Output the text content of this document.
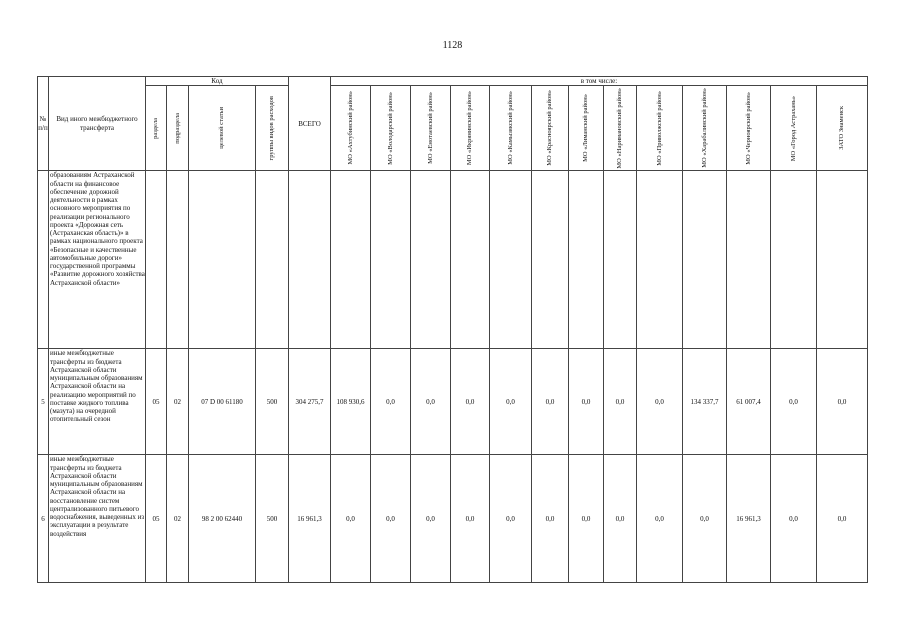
1128
№ п/п	Вид иного межбюджетного трансферта	Код				ВСЕГО	в том числе:												

		раздела	подраздела	целевой статьи	группы видов расходов		МО «Ахтубинский район»	МО «Володарский район»	МО «Енотаевский район»	МО «Икрянинский район»	МО «Камызякский район»	МО «Красноярский район»	МО «Лиманский район»	МО «Наримановский район»	МО «Приволжский район»	МО «Харабалинский район»	МО «Черноярский район»	МО «Город Астрахань»	ЗАТО Знаменск

	образованиям Астраханской области на финансовое обеспечение дорожной деятельности в рамках основного мероприятия по реализации регионального проекта «Дорожная сеть (Астраханская область)» в рамках национального проекта «Безопасные и качественные автомобильные дороги» государственной программы «Развитие дорожного хозяйства Астраханской области»																		
5	иные межбюджетные трансферты из бюджета Астраханской области муниципальным образованиям Астраханской области на реализацию мероприятий по поставке жидкого топлива (мазута) на очередной отопительный сезон	05	02	07 D 00 61180	500	304 275,7	108 930,6	0,0	0,0	0,0	0,0	0,0	0,0	0,0	0,0	134 337,7	61 007,4	0,0	0,0
6	иные межбюджетные трансферты из бюджета Астраханской области муниципальным образованиям Астраханской области на восстановление систем централизованного питьевого водоснабжения, выведенных из эксплуатации в результате воздействия	05	02	98 2 00 62440	500	16 961,3	0,0	0,0	0,0	0,0	0,0	0,0	0,0	0,0	0,0	0,0	16 961,3	0,0	0,0
